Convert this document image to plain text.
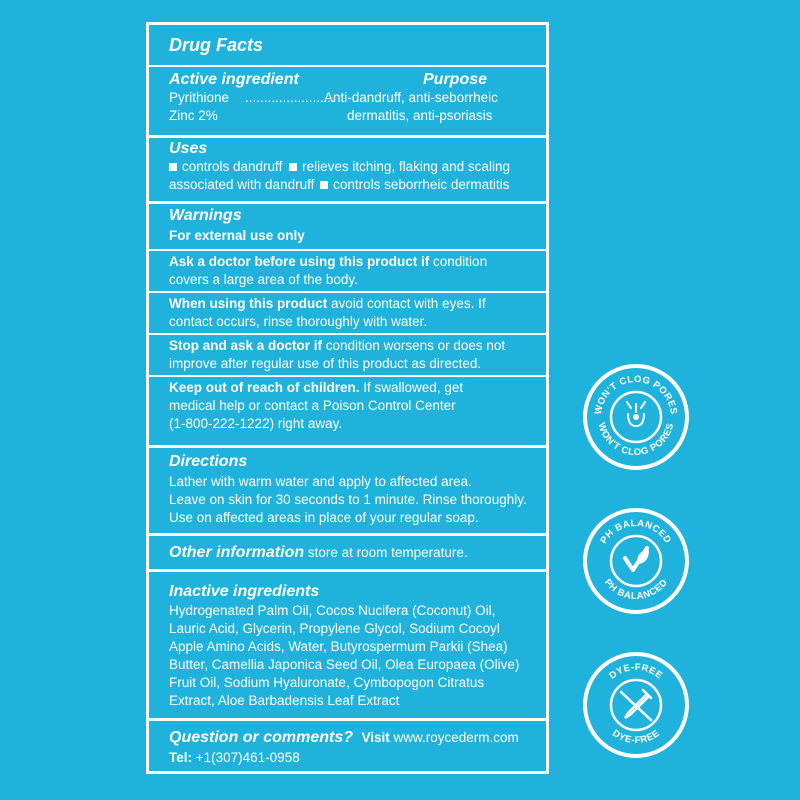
Drug Facts
Active ingredient	Purpose
Pyrithione	Anti-dandruff, anti-seborrheic
Zinc 2%	dermatitis, anti-psoriasis
........................
Uses
controls dandruff relieves itching, flaking and scaling
associated with dandruff controls seborrheic dermatitis
Warnings
For external use only
Ask a doctor before using this product if condition
covers a large area of the body.
When using this product avoid contact with eyes. If
contact occurs, rinse thoroughly with water.
Stop and ask a doctor if condition worsens or does not
improve after regular use of this product as directed.
Keep out of reach of children. If swallowed, get
medical help or contact a Poison Control Center
(1-800-222-1222) right away.
Directions
Lather with warm water and apply to affected area.
Leave on skin for 30 seconds to 1 minute. Rinse thoroughly.
Use on affected areas in place of your regular soap.
Other information store at room temperature.
Inactive ingredients
Hydrogenated Palm Oil, Cocos Nucifera (Coconut) Oil,
Lauric Acid, Glycerin, Propylene Glycol, Sodium Cocoyl
Apple Amino Acids, Water, Butyrospermum Parkii (Shea)
Butter, Camellia Japonica Seed Oil, Olea Europaea (Olive)
Fruit Oil, Sodium Hyaluronate, Cymbopogon Citratus
Extract, Aloe Barbadensis Leaf Extract
Question or comments? Visit www.roycederm.com
Tel: +1(307)461-0958
WON'T CLOG PORES
WON'T CLOG PORES
PH BALANCED
PH BALANCED
DYE-FREE
DYE-FREE
